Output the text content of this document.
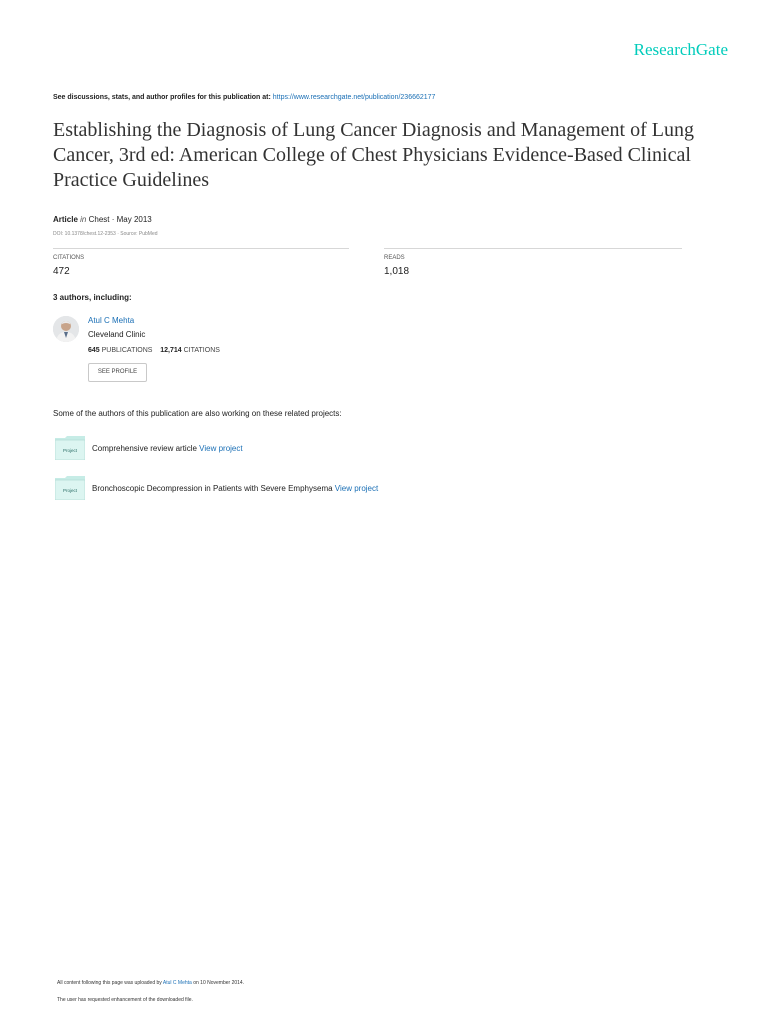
ResearchGate
See discussions, stats, and author profiles for this publication at: https://www.researchgate.net/publication/236662177
Establishing the Diagnosis of Lung Cancer Diagnosis and Management of Lung Cancer, 3rd ed: American College of Chest Physicians Evidence-Based Clinical Practice Guidelines
Article in Chest · May 2013
DOI: 10.1378/chest.12-2353 · Source: PubMed
CITATIONS
472
READS
1,018
3 authors, including:
Atul C Mehta
Cleveland Clinic
645 PUBLICATIONS 12,714 CITATIONS
SEE PROFILE
Some of the authors of this publication are also working on these related projects:
Project Comprehensive review article View project
Project Bronchoscopic Decompression in Patients with Severe Emphysema View project
All content following this page was uploaded by Atul C Mehta on 10 November 2014.
The user has requested enhancement of the downloaded file.
